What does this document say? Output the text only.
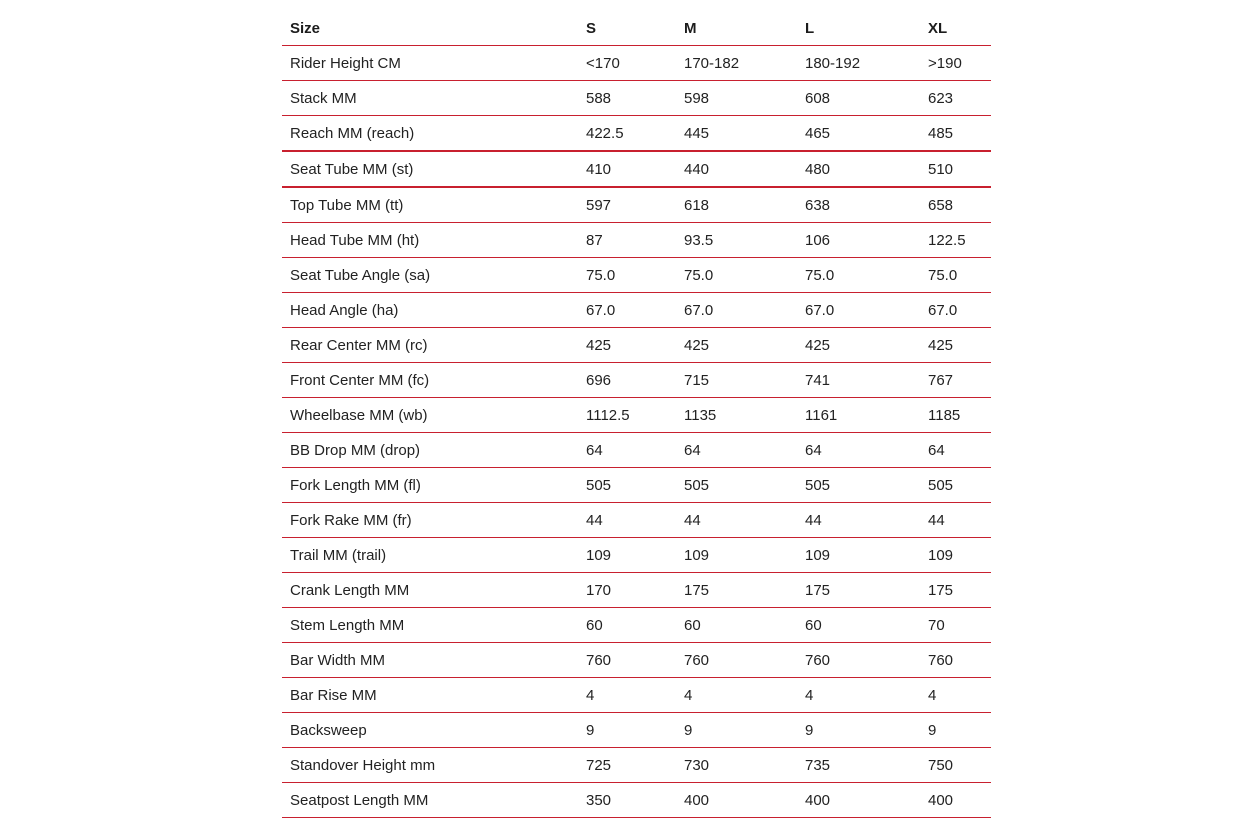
Size	S	M	L	XL
Rider Height CM	<170	170-182	180-192	>190
Stack MM	588	598	608	623
Reach MM (reach)	422.5	445	465	485
Seat Tube MM (st)	410	440	480	510
Top Tube MM (tt)	597	618	638	658
Head Tube MM (ht)	87	93.5	106	122.5
Seat Tube Angle (sa)	75.0	75.0	75.0	75.0
Head Angle (ha)	67.0	67.0	67.0	67.0
Rear Center MM (rc)	425	425	425	425
Front Center MM (fc)	696	715	741	767
Wheelbase MM (wb)	1112.5	1135	1161	1185
BB Drop MM (drop)	64	64	64	64
Fork Length MM (fl)	505	505	505	505
Fork Rake MM (fr)	44	44	44	44
Trail MM (trail)	109	109	109	109
Crank Length MM	170	175	175	175
Stem Length MM	60	60	60	70
Bar Width MM	760	760	760	760
Bar Rise MM	4	4	4	4
Backsweep	9	9	9	9
Standover Height mm	725	730	735	750
Seatpost Length MM	350	400	400	400
